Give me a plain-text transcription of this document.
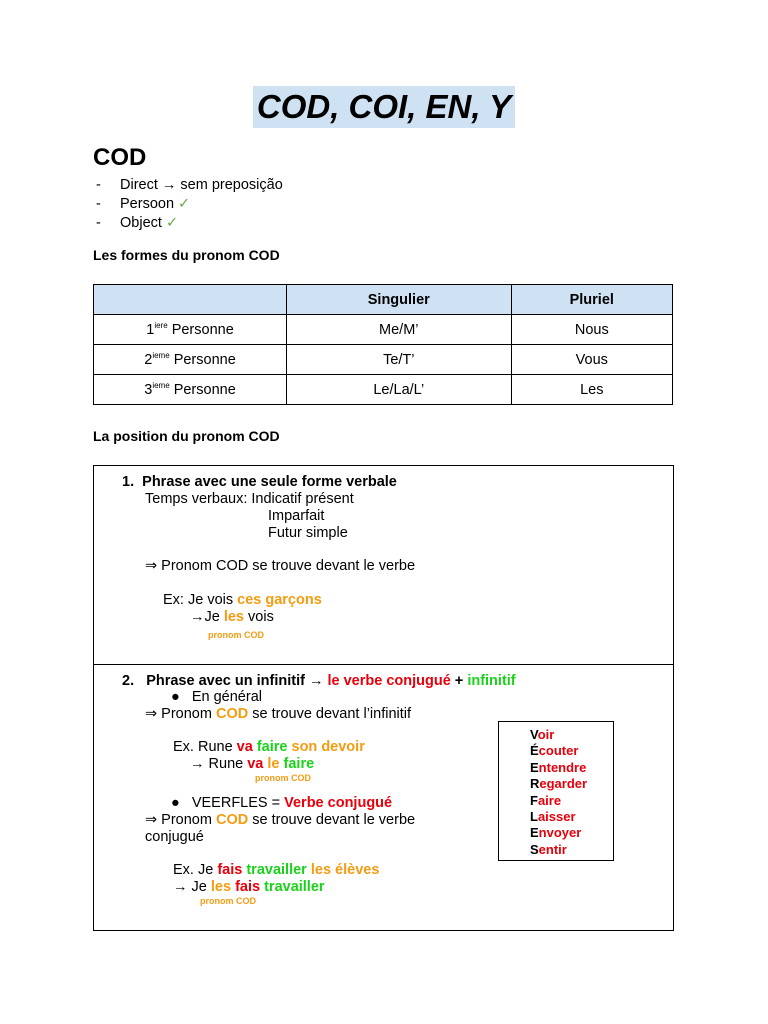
COD, COI, EN, Y
COD
-	Direct → sem preposição
-	Persoon
✓
-	Object
✓
Les formes du pronom COD
	Singulier	Pluriel
$1^{iere}$ Personne	Me/M’	Nous
2ieme Personne	Te/T’	Vous
3ieme Personne	Le/La/L’	Les
La position du pronom COD
1. Phrase avec une seule forme verbale
Temps verbaux: Indicatif présent
Imparfait
Futur simple
⇒ Pronom COD se trouve devant le verbe
Ex: Je vois ces garçons
→Je les vois
pronom COD
2. Phrase avec un infinitif → le verbe conjugué + infinitif
●   En général
⇒ Pronom COD se trouve devant l’infinitif
Ex. Rune va faire son devoir
→ Rune va le faire
pronom COD
●   VEERFLES = Verbe conjugué
⇒ Pronom COD se trouve devant le verbe
conjugué
Ex. Je fais travailler les élèves
→ Je les fais travailler
pronom COD
Voir
Écouter
Entendre
Regarder
Faire
Laisser
Envoyer
Sentir
